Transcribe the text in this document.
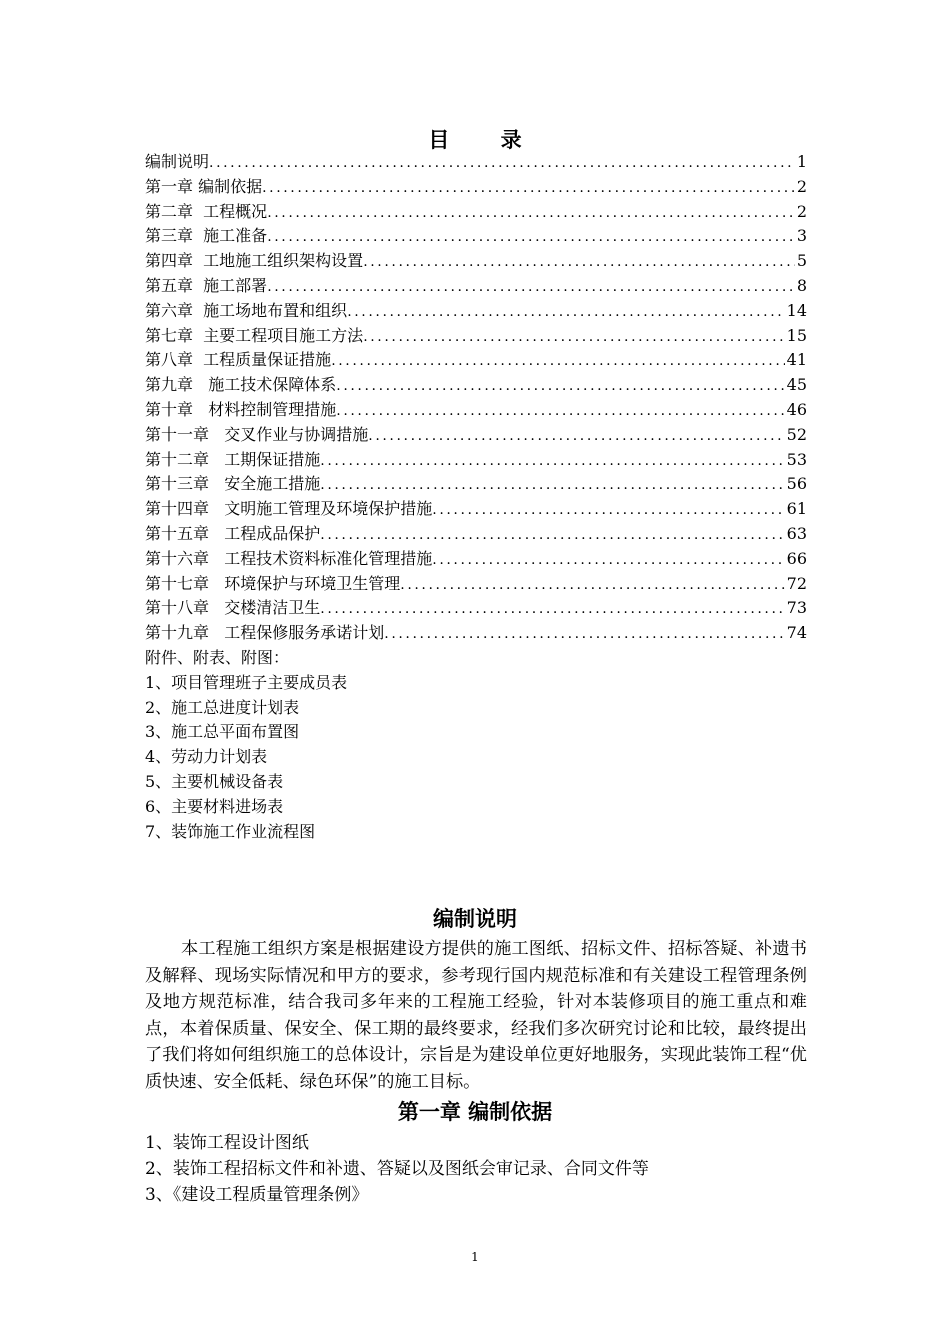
目 录
编制说明 .....	1
第一章 编制依据 .....	2
第二章  工程概况 .....	2
第三章  施工准备 .....	3
第四章  工地施工组织架构设置 .....	5
第五章  施工部署 .....	8
第六章  施工场地布置和组织 .....	14
第七章  主要工程项目施工方法 .....	15
第八章  工程质量保证措施 .....	41
第九章   施工技术保障体系 .....	45
第十章   材料控制管理措施 .....	46
第十一章   交叉作业与协调措施 .....	52
第十二章   工期保证措施 .....	53
第十三章   安全施工措施 .....	56
第十四章   文明施工管理及环境保护措施 .....	61
第十五章   工程成品保护 .....	63
第十六章   工程技术资料标准化管理措施 .....	66
第十七章   环境保护与环境卫生管理 .....	72
第十八章   交楼清洁卫生 .....	73
第十九章   工程保修服务承诺计划 .....	74
附件、附表、附图：
1、项目管理班子主要成员表
2、施工总进度计划表
3、施工总平面布置图
4、劳动力计划表
5、主要机械设备表
6、主要材料进场表
7、装饰施工作业流程图
编制说明

本工程施工组织方案是根据建设方提供的施工图纸、招标文件、招标答疑、补遗书及解释、现场实际情况和甲方的要求，参考现行国内规范标准和有关建设工程管理条例及地方规范标准，结合我司多年来的工程施工经验，针对本装修项目的施工重点和难点，本着保质量、保安全、保工期的最终要求，经我们多次研究讨论和比较，最终提出了我们将如何组织施工的总体设计，宗旨是为建设单位更好地服务，实现此装饰工程“优质快速、安全低耗、绿色环保”的施工目标。

第一章 编制依据
1、装饰工程设计图纸
2、装饰工程招标文件和补遗、答疑以及图纸会审记录、合同文件等
3、《建设工程质量管理条例》
1
